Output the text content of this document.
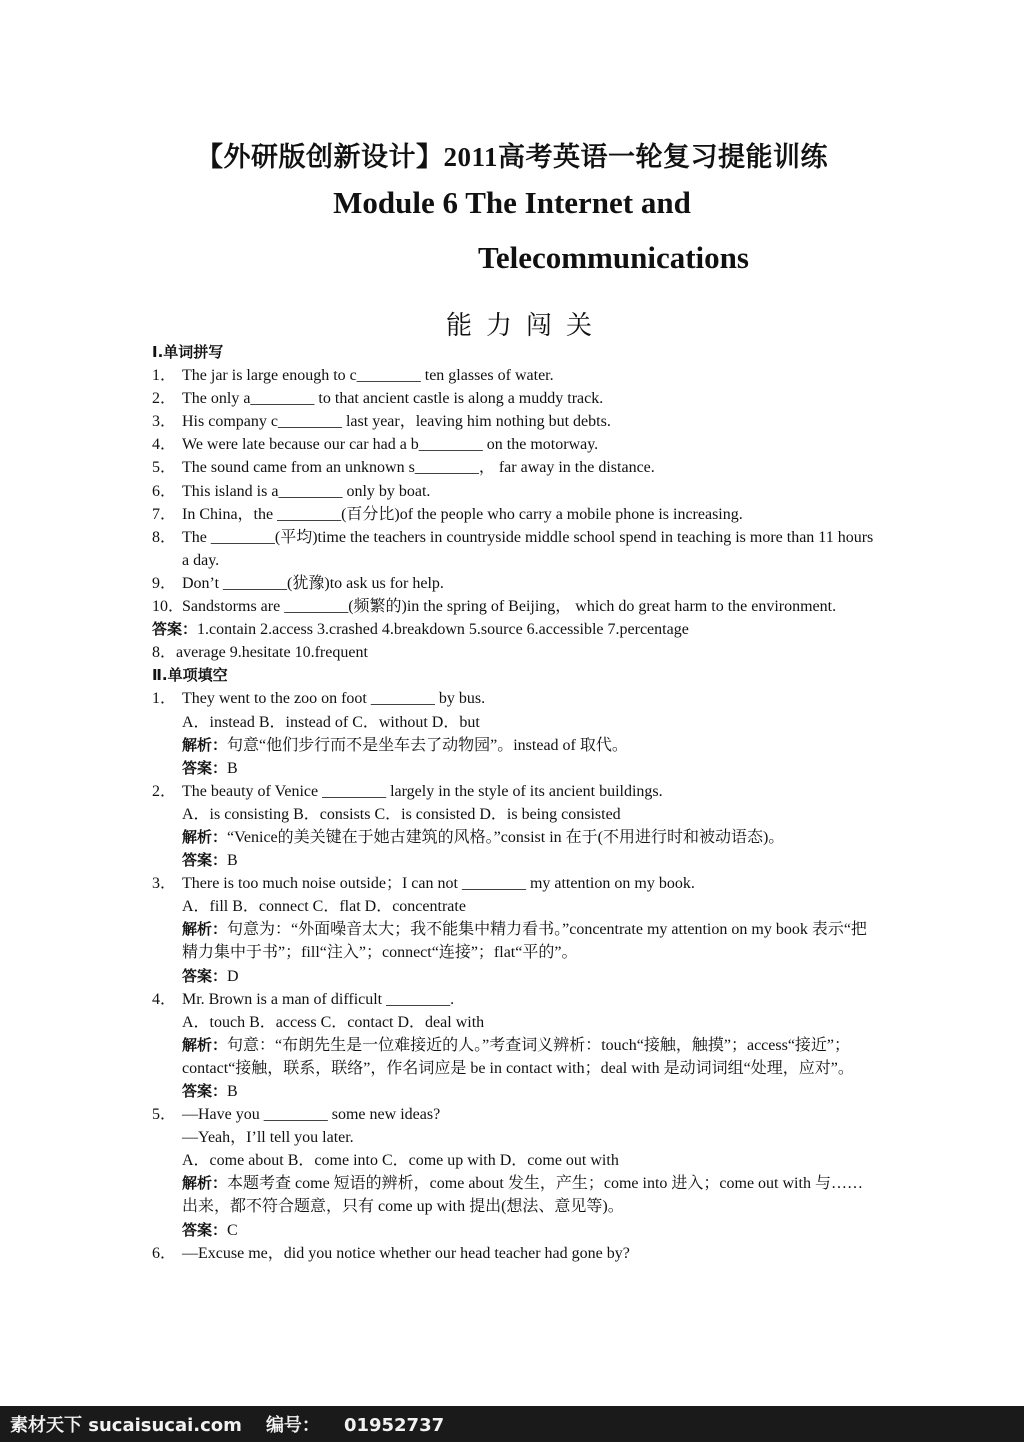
【外研版创新设计】2011高考英语一轮复习提能训练
Module 6 The Internet and
Telecommunications
能力闯关
Ⅰ.单词拼写
1． The jar is large enough to c________ ten glasses of water.
2． The only a________ to that ancient castle is along a muddy track.
3． His company c________ last year，leaving him nothing but debts.
4． We were late because our car had a b________ on the motorway.
5． The sound came from an unknown s________， far away in the distance.
6． This island is a________ only by boat.
7． In China，the ________(百分比)of the people who carry a mobile phone is increasing.
8． The ________(平均)time the teachers in countryside middle school spend in teaching is more than 11 hours a day.
9． Don’t ________(犹豫)to ask us for help.
10．
Sandstorms are ________(频繁的)in the spring of Beijing， which do great harm to the environment.
答案：1.contain 2.access 3.crashed 4.breakdown 5.source 6.accessible 7.percentage
8．average 9.hesitate 10.frequent
Ⅱ.单项填空
1． They went to the zoo on foot ________ by bus.
A．instead B．instead of C．without D．but
解析：句意“他们步行而不是坐车去了动物园”。instead of 取代。
答案：B
2． The beauty of Venice ________ largely in the style of its ancient buildings.
A．is consisting B．consists C．is consisted D．is being consisted
解析：“Venice的美关键在于她古建筑的风格。”consist in 在于(不用进行时和被动语态)。
答案：B
3． There is too much noise outside；I can not ________ my attention on my book.
A．fill B．connect C．flat D．concentrate
解析：句意为：“外面噪音太大；我不能集中精力看书。”concentrate my attention on my book 表示“把精力集中于书”；fill“注入”；connect“连接”；flat“平的”。
答案：D
4． Mr. Brown is a man of difficult ________.
A．touch B．access C．contact D．deal with
解析：句意：“布朗先生是一位难接近的人。”考查词义辨析：touch“接触，触摸”；access“接近”；contact“接触，联系，联络”，作名词应是 be in contact with；deal with 是动词词组“处理，应对”。
答案：B
5． —Have you ________ some new ideas?
—Yeah，I’ll tell you later.
A．come about B．come into C．come up with D．come out with
解析：本题考查 come 短语的辨析，come about 发生，产生；come into 进入；come out with 与……出来，都不符合题意，只有 come up with 提出(想法、意见等)。
答案：C
6． —Excuse me，did you notice whether our head teacher had gone by?
素材天下 sucaisucai.com 编号： 01952737
